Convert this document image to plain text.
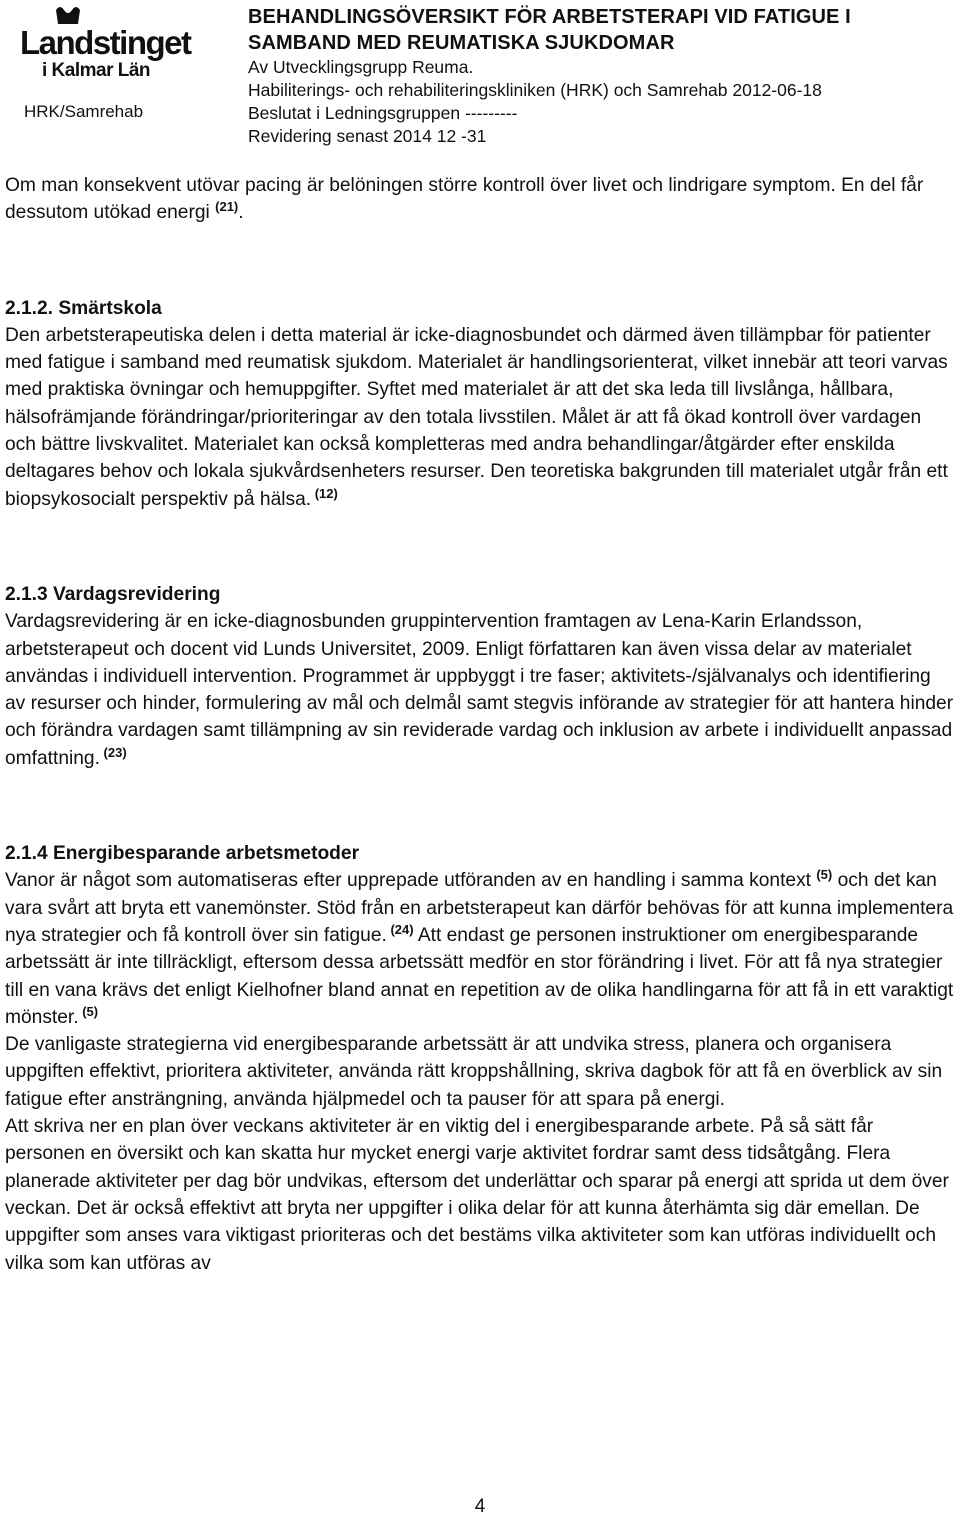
Landstinget
i Kalmar Län
HRK/Samrehab

BEHANDLINGSÖVERSIKT FÖR ARBETSTERAPI VID FATIGUE I

SAMBAND MED REUMATISKA SJUKDOMAR

Av Utvecklingsgrupp Reuma.

Habiliterings- och rehabiliteringskliniken (HRK) och Samrehab 2012-06-18

Beslutat i Ledningsgruppen ---------

Revidering senast 2014 12 -31

Om man konsekvent utövar pacing är belöningen större kontroll över livet och lindrigare symptom. En del får dessutom utökad energi $^{(21)}$.

2.1.2. Smärtskola

Den arbetsterapeutiska delen i detta material är icke-diagnosbundet och därmed även tillämpbar för patienter med fatigue i samband med reumatisk sjukdom. Materialet är handlingsorienterat, vilket innebär att teori varvas med praktiska övningar och hemuppgifter. Syftet med materialet är att det ska leda till livslånga, hållbara, hälsofrämjande förändringar/prioriteringar av den totala livsstilen. Målet är att få ökad kontroll över vardagen och bättre livskvalitet. Materialet kan också kompletteras med andra behandlingar/åtgärder efter enskilda deltagares behov och lokala sjukvårdsenheters resurser. Den teoretiska bakgrunden till materialet utgår från ett biopsykosocialt perspektiv på hälsa. $^{(12)}$

2.1.3 Vardagsrevidering

Vardagsrevidering är en icke-diagnosbunden gruppintervention framtagen av Lena-Karin Erlandsson, arbetsterapeut och docent vid Lunds Universitet, 2009. Enligt författaren kan även vissa delar av materialet användas i individuell intervention. Programmet är uppbyggt i tre faser; aktivitets-/självanalys och identifiering av resurser och hinder, formulering av mål och delmål samt stegvis införande av strategier för att hantera hinder och förändra vardagen samt tillämpning av sin reviderade vardag och inklusion av arbete i individuellt anpassad omfattning. $^{(23)}$

2.1.4 Energibesparande arbetsmetoder

Vanor är något som automatiseras efter upprepade utföranden av en handling i samma kontext $^{(5)}$ och det kan vara svårt att bryta ett vanemönster. Stöd från en arbetsterapeut kan därför behövas för att kunna implementera nya strategier och få kontroll över sin fatigue. $^{(24)}$ Att endast ge personen instruktioner om energibesparande arbetssätt är inte tillräckligt, eftersom dessa arbetssätt medför en stor förändring i livet. För att få nya strategier till en vana krävs det enligt Kielhofner bland annat en repetition av de olika handlingarna för att få in ett varaktigt mönster. $^{(5)}$

De vanligaste strategierna vid energibesparande arbetssätt är att undvika stress, planera och organisera uppgiften effektivt, prioritera aktiviteter, använda rätt kroppshållning, skriva dagbok för att få en överblick av sin fatigue efter ansträngning, använda hjälpmedel och ta pauser för att spara på energi.

Att skriva ner en plan över veckans aktiviteter är en viktig del i energibesparande arbete. På så sätt får personen en översikt och kan skatta hur mycket energi varje aktivitet fordrar samt dess tidsåtgång. Flera planerade aktiviteter per dag bör undvikas, eftersom det underlättar och sparar på energi att sprida ut dem över veckan. Det är också effektivt att bryta ner uppgifter i olika delar för att kunna återhämta sig där emellan. De uppgifter som anses vara viktigast prioriteras och det bestäms vilka aktiviteter som kan utföras individuellt och vilka som kan utföras av

4
